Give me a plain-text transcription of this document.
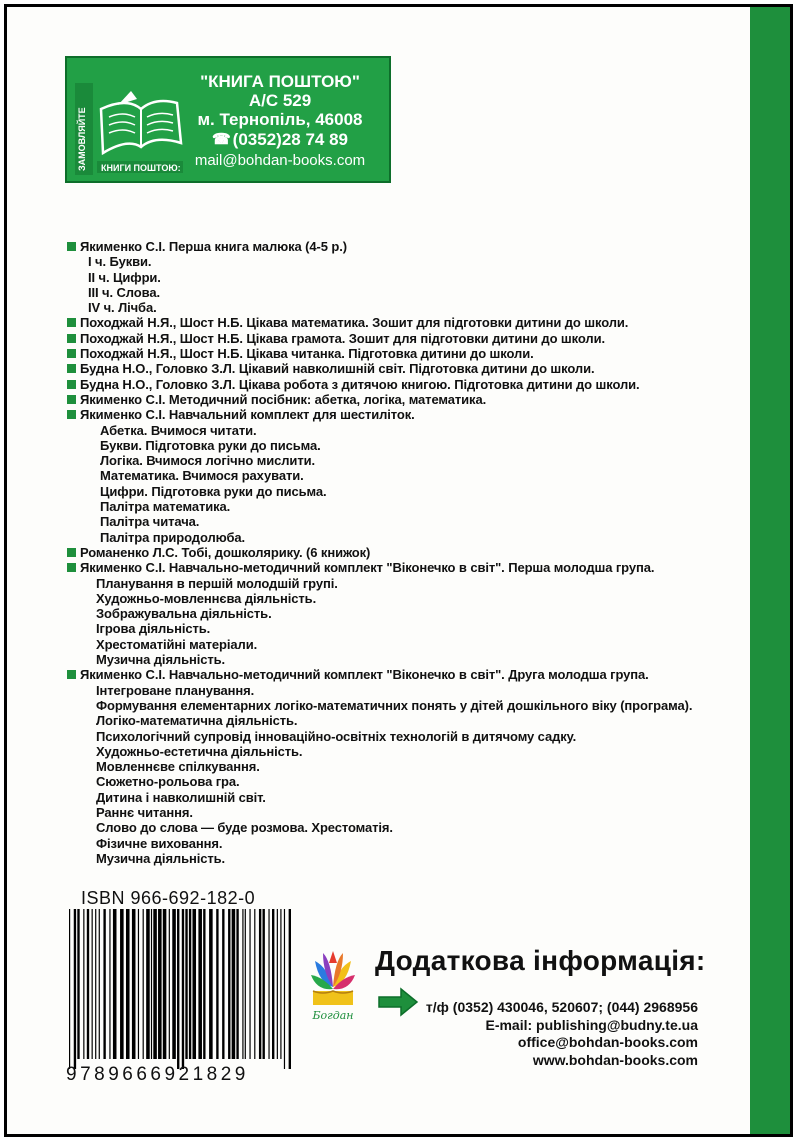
ЗАМОВЛЯЙТЕ КНИГИ ПОШТОЮ:
"КНИГА ПОШТОЮ"
А/С 529
м. Тернопіль, 46008
☎ (0352)28 74 89
mail@bohdan-books.com
Якименко С.І. Перша книга малюка (4-5 р.)
І ч. Букви.
ІІ ч. Цифри.
ІІІ ч. Слова.
ІV ч. Лічба.
Походжай Н.Я., Шост Н.Б. Цікава математика. Зошит для підготовки дитини до школи.
Походжай Н.Я., Шост Н.Б. Цікава грамота. Зошит для підготовки дитини до школи.
Походжай Н.Я., Шост Н.Б. Цікава читанка. Підготовка дитини до школи.
Будна Н.О., Головко З.Л. Цікавий навколишній світ. Підготовка дитини до школи.
Будна Н.О., Головко З.Л. Цікава робота з дитячою книгою. Підготовка дитини до школи.
Якименко С.І. Методичний посібник: абетка, логіка, математика.
Якименко С.І. Навчальний комплект для шестиліток.
Абетка. Вчимося читати.
Букви. Підготовка руки до письма.
Логіка. Вчимося логічно мислити.
Математика. Вчимося рахувати.
Цифри. Підготовка руки до письма.
Палітра математика.
Палітра читача.
Палітра природолюба.
Романенко Л.С. Тобі, дошколярику. (6 книжок)
Якименко С.І. Навчально-методичний комплект "Віконечко в світ". Перша молодша група.
Планування в першій молодшій групі.
Художньо-мовленнєва діяльність.
Зображувальна діяльність.
Ігрова діяльність.
Хрестоматійні матеріали.
Музична діяльність.
Якименко С.І. Навчально-методичний комплект "Віконечко в світ". Друга молодша група.
Інтегроване планування.
Формування елементарних логіко-математичних понять у дітей дошкільного віку (програма).
Логіко-математична діяльність.
Психологічний супровід інноваційно-освітніх технологій в дитячому садку.
Художньо-естетична діяльність.
Мовленнєве спілкування.
Сюжетно-рольова гра.
Дитина і навколишній світ.
Раннє читання.
Слово до слова — буде розмова. Хрестоматія.
Фізичне виховання.
Музична діяльність.
ISBN 966-692-182-0
9789666921829
Богдан
Додаткова інформація:
т/ф (0352) 430046, 520607; (044) 2968956
E-mail: publishing@budny.te.ua
office@bohdan-books.com
www.bohdan-books.com
